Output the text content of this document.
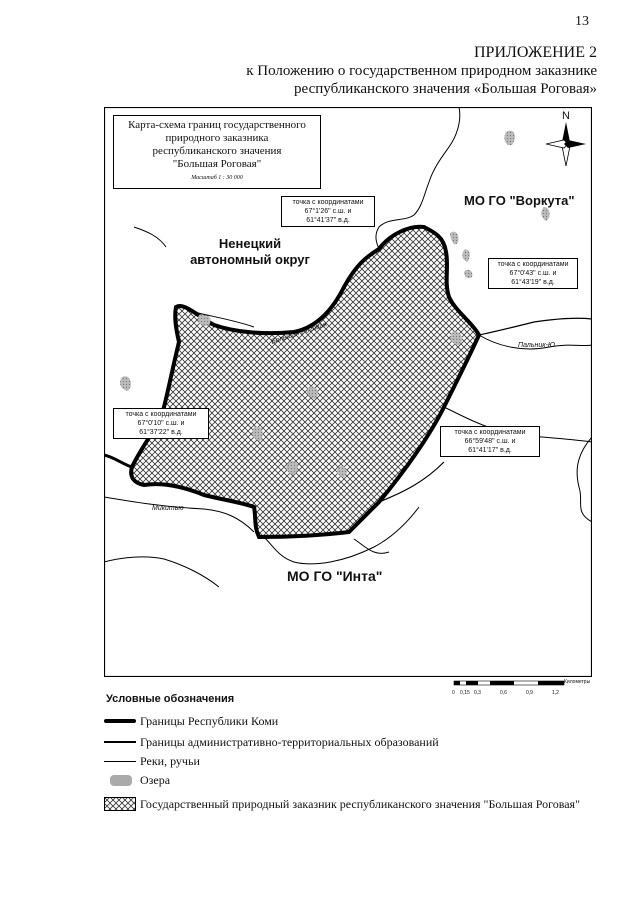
13
ПРИЛОЖЕНИЕ 2
к Положению о государственном природном заказнике
республиканского значения «Большая Роговая»
Карта-схема границ государственного
природного заказника
республиканского значения
"Большая Роговая"
Масштаб 1 : 30 000
N
Ненецкий
автономный округ
МО ГО "Воркута"
МО ГО "Инта"
Большая Роговая	Пальник-Ю
Микитью
точка с координатами
67°1'26" с.ш. и
61°41'37" в.д.
точка с координатами
67°0'43" с.ш. и
61°43'19" в.д.
точка с координатами
67°0'10" с.ш. и
61°37'22" в.д.	точка с координатами
66°59'48" с.ш. и
61°41'17" в.д.
0 0,15 0,3	0,6	0,9	1,2
Километры
Условные обозначения
Границы Республики Коми
Границы административно-территориальных образований
Реки, ручьи
Озера
Государственный природный заказник республиканского значения "Большая Роговая"
